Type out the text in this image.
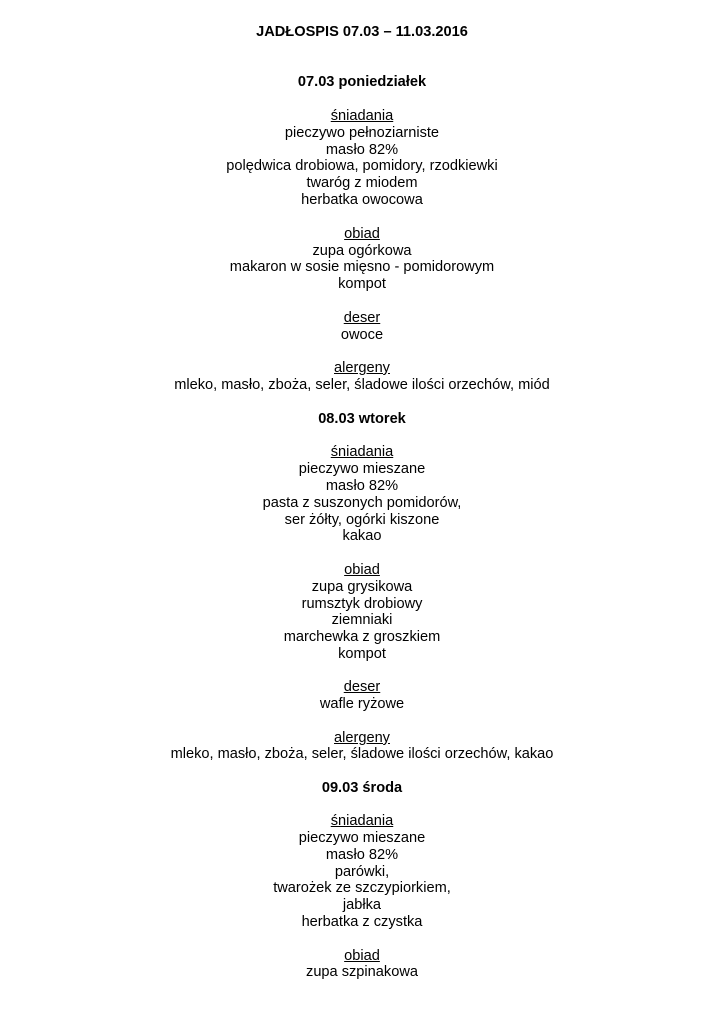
JADŁOSPIS 07.03 – 11.03.2016
07.03 poniedziałek
śniadania
pieczywo pełnoziarniste
masło 82%
polędwica drobiowa, pomidory, rzodkiewki
twaróg z miodem
herbatka owocowa
obiad
zupa ogórkowa
makaron w sosie mięsno - pomidorowym
kompot
deser
owoce
alergeny
mleko, masło, zboża, seler, śladowe ilości orzechów, miód
08.03 wtorek
śniadania
pieczywo mieszane
masło 82%
pasta z suszonych pomidorów,
ser żółty, ogórki kiszone
kakao
obiad
zupa grysikowa
rumsztyk drobiowy
ziemniaki
marchewka z groszkiem
kompot
deser
wafle ryżowe
alergeny
mleko, masło, zboża, seler, śladowe ilości orzechów, kakao
09.03 środa
śniadania
pieczywo mieszane
masło 82%
parówki,
twarożek ze szczypiorkiem,
jabłka
herbatka z czystka
obiad
zupa szpinakowa
